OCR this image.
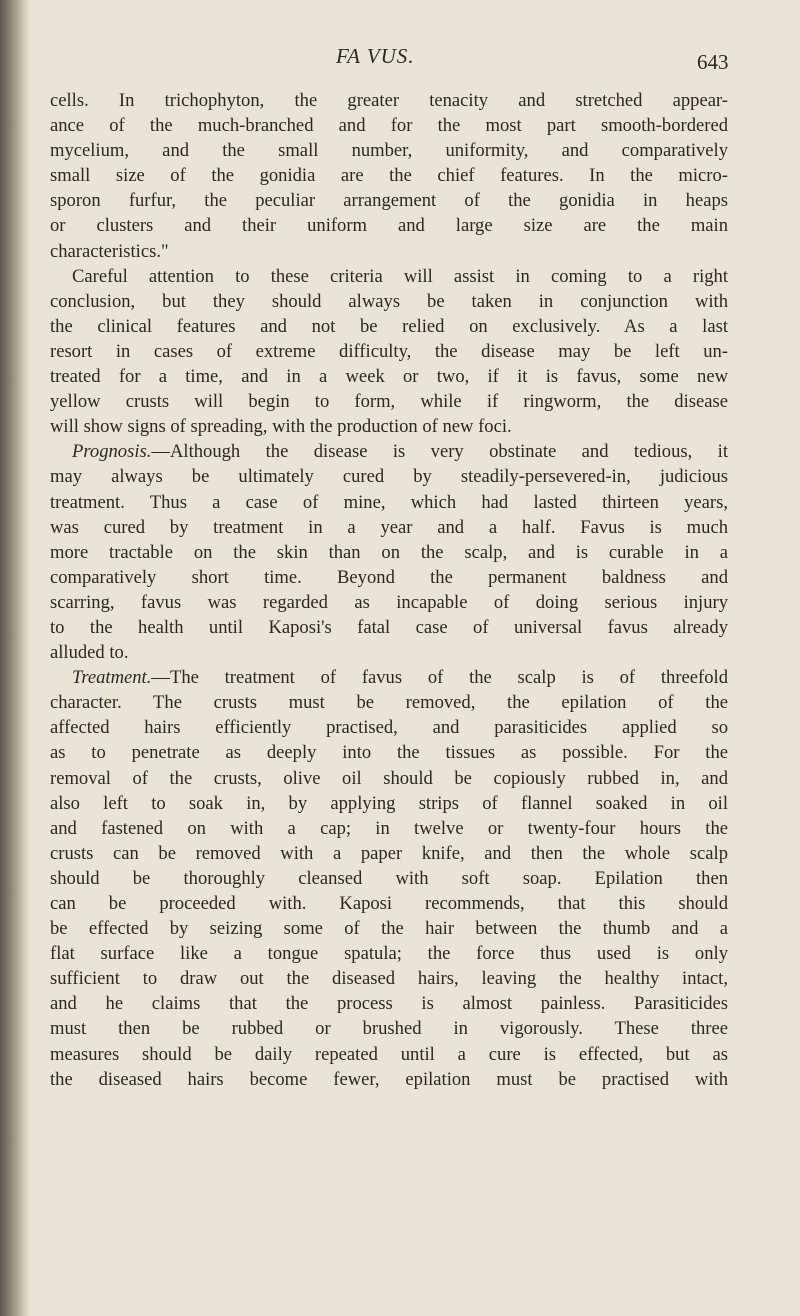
FA VUS.	643
cells. In trichophyton, the greater tenacity and stretched appear-
ance of the much-branched and for the most part smooth-bordered
mycelium, and the small number, uniformity, and comparatively
small size of the gonidia are the chief features. In the micro-
sporon furfur, the peculiar arrangement of the gonidia in heaps
or clusters and their uniform and large size are the main
characteristics."
Careful attention to these criteria will assist in coming to a right
conclusion, but they should always be taken in conjunction with
the clinical features and not be relied on exclusively. As a last
resort in cases of extreme difficulty, the disease may be left un-
treated for a time, and in a week or two, if it is favus, some new
yellow crusts will begin to form, while if ringworm, the disease
will show signs of spreading, with the production of new foci.
Prognosis.—Although the disease is very obstinate and tedious, it
may always be ultimately cured by steadily-persevered-in, judicious
treatment. Thus a case of mine, which had lasted thirteen years,
was cured by treatment in a year and a half. Favus is much
more tractable on the skin than on the scalp, and is curable in a
comparatively short time. Beyond the permanent baldness and
scarring, favus was regarded as incapable of doing serious injury
to the health until Kaposi's fatal case of universal favus already
alluded to.
Treatment.—The treatment of favus of the scalp is of threefold
character. The crusts must be removed, the epilation of the
affected hairs efficiently practised, and parasiticides applied so
as to penetrate as deeply into the tissues as possible. For the
removal of the crusts, olive oil should be copiously rubbed in, and
also left to soak in, by applying strips of flannel soaked in oil
and fastened on with a cap; in twelve or twenty-four hours the
crusts can be removed with a paper knife, and then the whole scalp
should be thoroughly cleansed with soft soap. Epilation then
can be proceeded with. Kaposi recommends, that this should
be effected by seizing some of the hair between the thumb and a
flat surface like a tongue spatula; the force thus used is only
sufficient to draw out the diseased hairs, leaving the healthy intact,
and he claims that the process is almost painless. Parasiticides
must then be rubbed or brushed in vigorously. These three
measures should be daily repeated until a cure is effected, but as
the diseased hairs become fewer, epilation must be practised with
